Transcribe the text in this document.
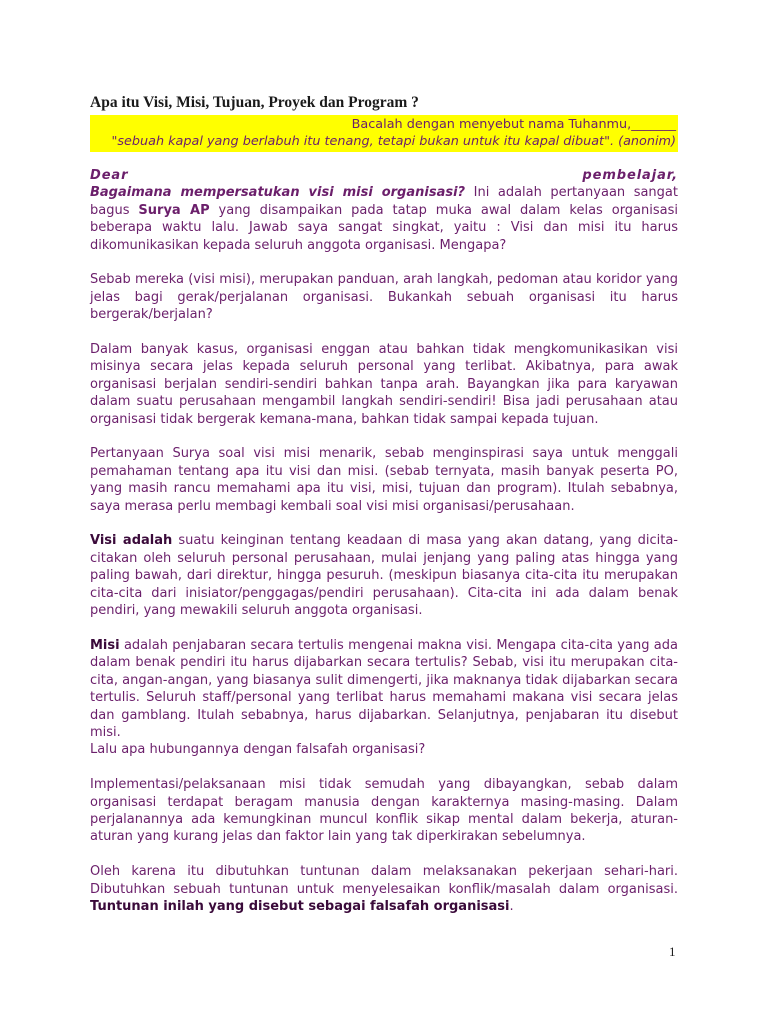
Apa itu Visi, Misi, Tujuan, Proyek dan Program ?
Bacalah dengan menyebut nama Tuhanmu,_______
"sebuah kapal yang berlabuh itu tenang, tetapi bukan untuk itu kapal dibuat". (anonim)
Dear	pembelajar,

Bagaimana mempersatukan visi misi organisasi? Ini adalah pertanyaan sangat bagus Surya AP yang disampaikan pada tatap muka awal dalam kelas organisasi beberapa waktu lalu. Jawab saya sangat singkat, yaitu : Visi dan misi itu harus dikomunikasikan kepada seluruh anggota organisasi. Mengapa?

Sebab mereka (visi misi), merupakan panduan, arah langkah, pedoman atau koridor yang jelas bagi gerak/perjalanan organisasi. Bukankah sebuah organisasi itu harus bergerak/berjalan?

Dalam banyak kasus, organisasi enggan atau bahkan tidak mengkomunikasikan visi misinya secara jelas kepada seluruh personal yang terlibat. Akibatnya, para awak organisasi berjalan sendiri-sendiri bahkan tanpa arah. Bayangkan jika para karyawan dalam suatu perusahaan mengambil langkah sendiri-sendiri! Bisa jadi perusahaan atau organisasi tidak bergerak kemana-mana, bahkan tidak sampai kepada tujuan.

Pertanyaan Surya soal visi misi menarik, sebab menginspirasi saya untuk menggali pemahaman tentang apa itu visi dan misi. (sebab ternyata, masih banyak peserta PO, yang masih rancu memahami apa itu visi, misi, tujuan dan program). Itulah sebabnya, saya merasa perlu membagi kembali soal visi misi organisasi/perusahaan.

Visi adalah suatu keinginan tentang keadaan di masa yang akan datang, yang dicita-citakan oleh seluruh personal perusahaan, mulai jenjang yang paling atas hingga yang paling bawah, dari direktur, hingga pesuruh. (meskipun biasanya cita-cita itu merupakan cita-cita dari inisiator/penggagas/pendiri perusahaan). Cita-cita ini ada dalam benak pendiri, yang mewakili seluruh anggota organisasi.

Misi adalah penjabaran secara tertulis mengenai makna visi. Mengapa cita-cita yang ada dalam benak pendiri itu harus dijabarkan secara tertulis? Sebab, visi itu merupakan cita-cita, angan-angan, yang biasanya sulit dimengerti, jika maknanya tidak dijabarkan secara tertulis. Seluruh staff/personal yang terlibat harus memahami makana visi secara jelas dan gamblang. Itulah sebabnya, harus dijabarkan. Selanjutnya, penjabaran itu disebut misi.

Lalu apa hubungannya dengan falsafah organisasi?

Implementasi/pelaksanaan misi tidak semudah yang dibayangkan, sebab dalam organisasi terdapat beragam manusia dengan karakternya masing-masing. Dalam perjalanannya ada kemungkinan muncul konflik sikap mental dalam bekerja, aturan-aturan yang kurang jelas dan faktor lain yang tak diperkirakan sebelumnya.

Oleh karena itu dibutuhkan tuntunan dalam melaksanakan pekerjaan sehari-hari. Dibutuhkan sebuah tuntunan untuk menyelesaikan konflik/masalah dalam organisasi. Tuntunan inilah yang disebut sebagai falsafah organisasi.

1
